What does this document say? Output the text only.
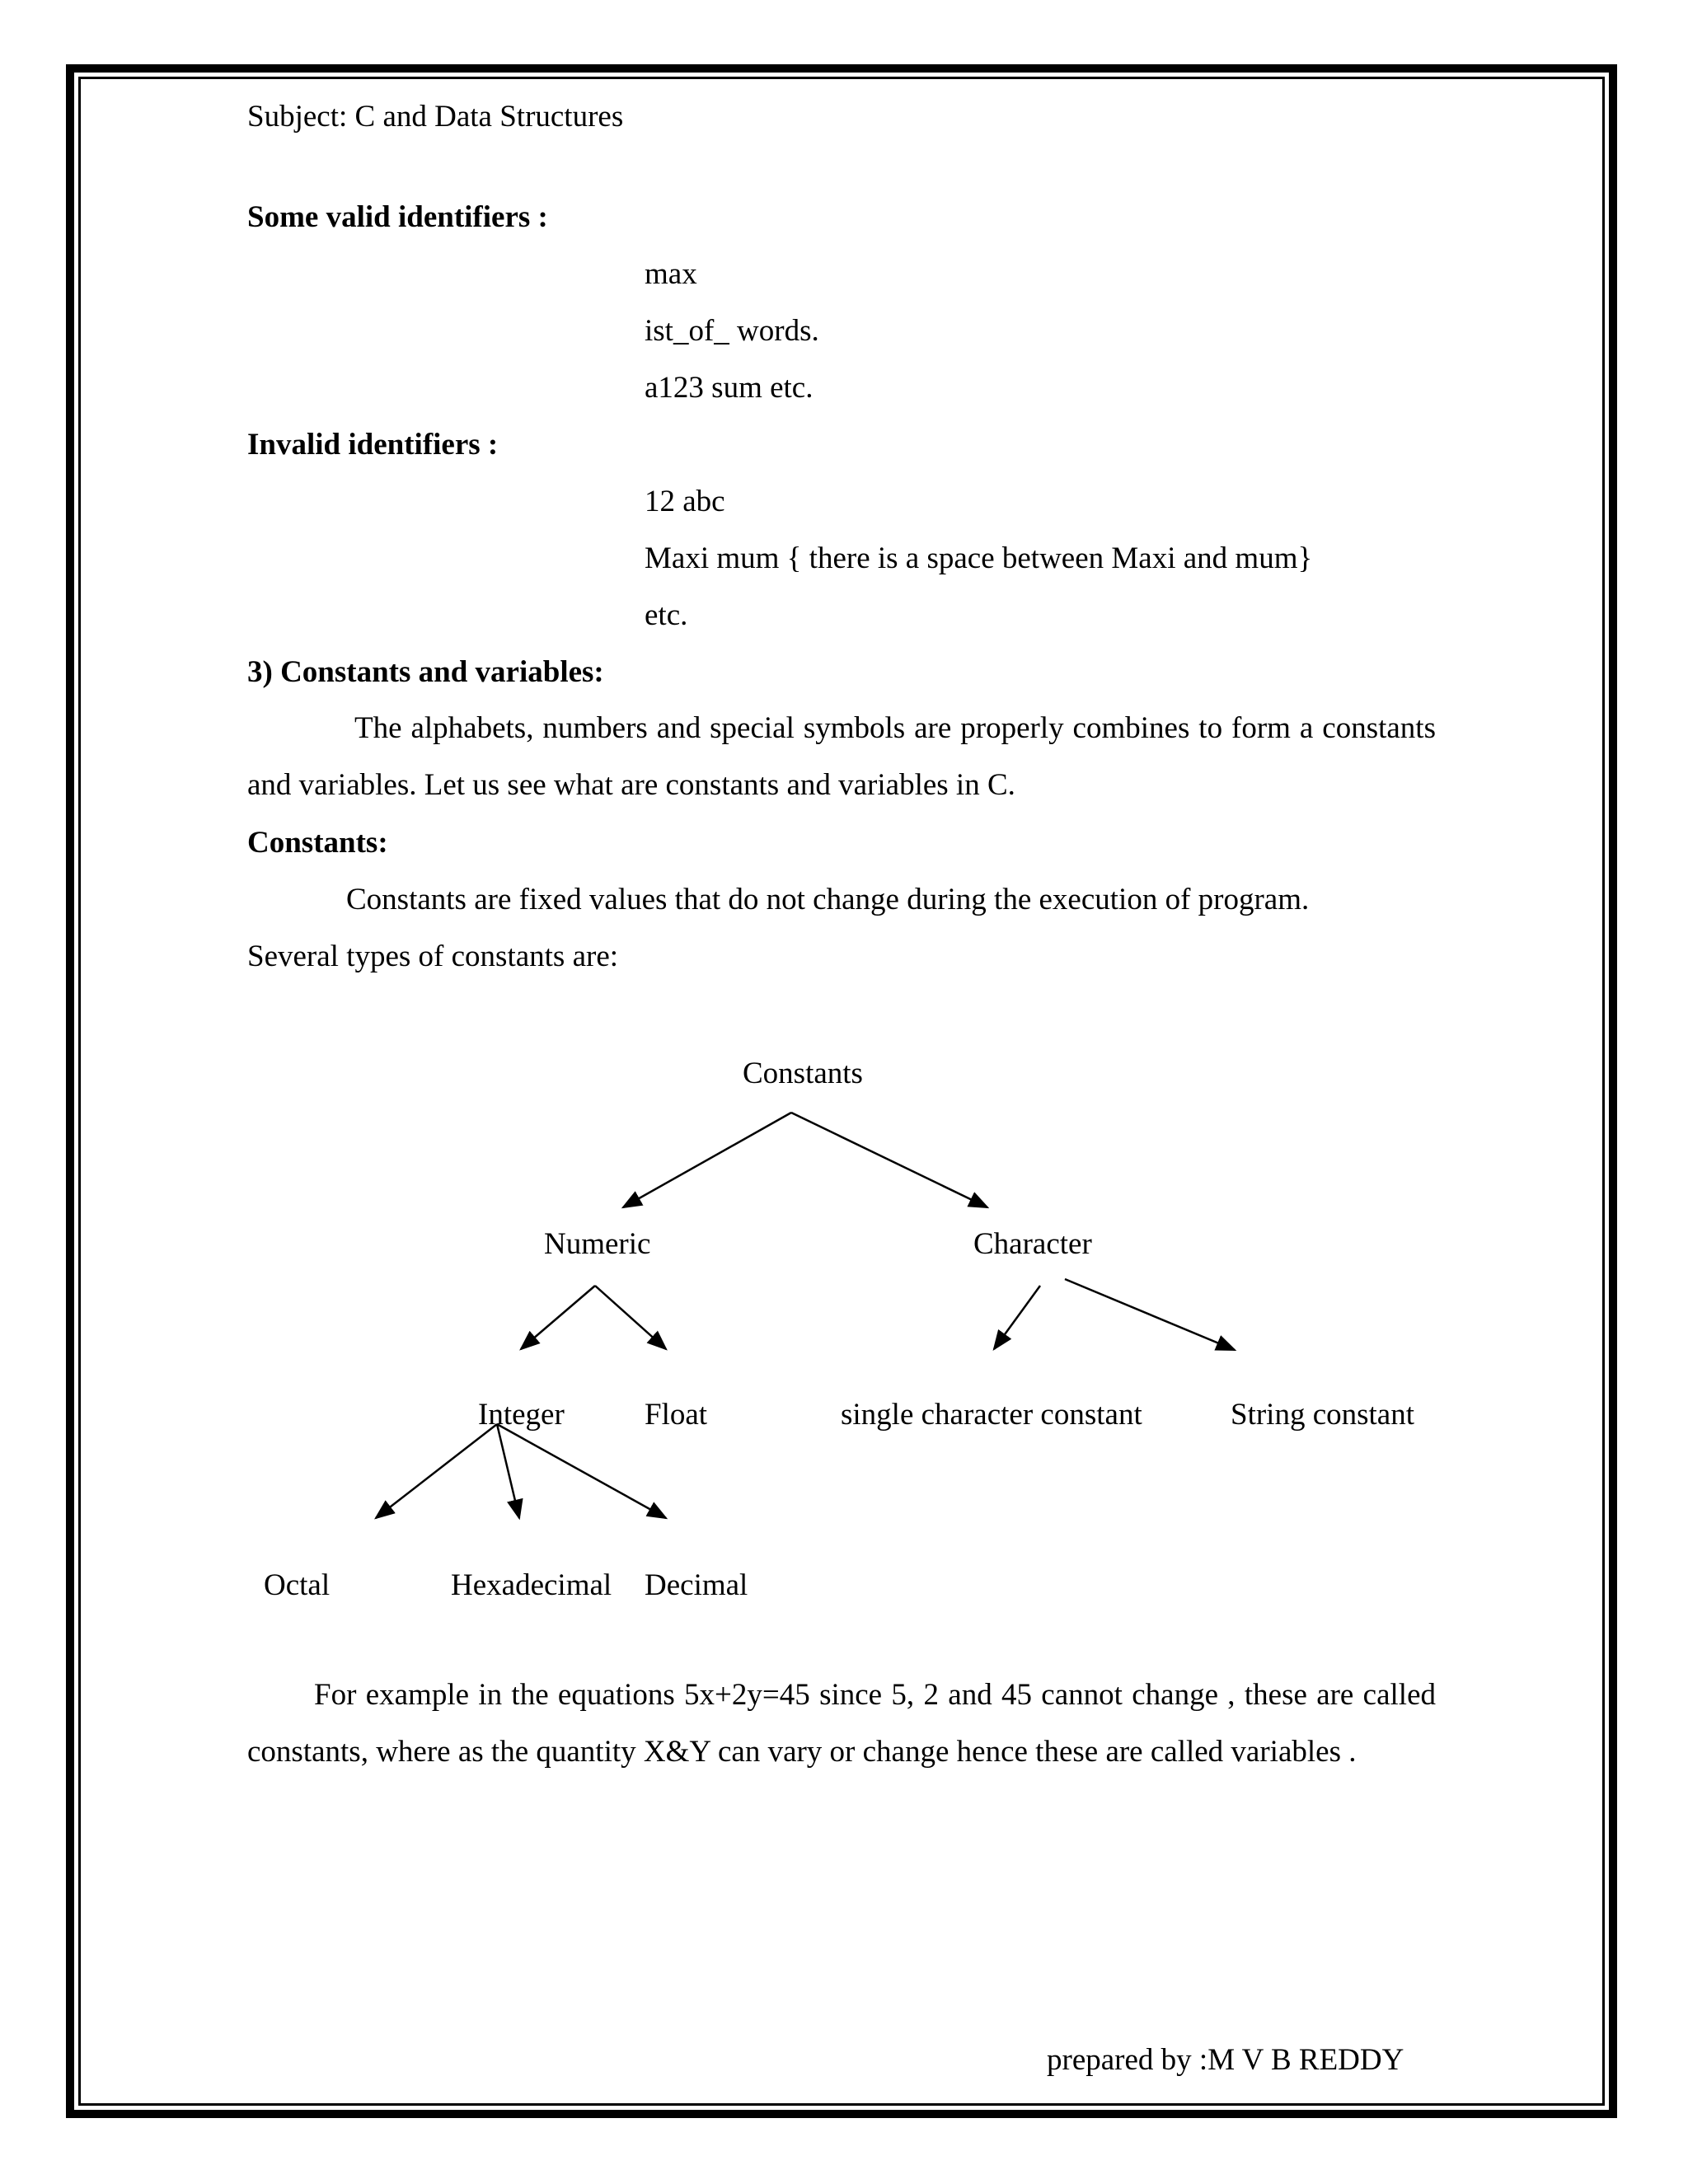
Subject: C and Data Structures
Some valid identifiers :
max
ist_of_ words.
a123 sum etc.
Invalid identifiers :
12 abc
Maxi mum { there is a space between Maxi and mum}
etc.
3) Constants and variables:
The alphabets, numbers and special symbols are properly combines to form a constants and variables. Let us see what are constants and variables in C.
Constants:
Constants are fixed values that do not change during the execution of program.
Several types of constants are:
Constants
Numeric	Character
Integer	Float	single character constant	String constant
Octal	Hexadecimal Decimal
For example in the equations 5x+2y=45 since 5, 2 and 45 cannot change , these are called constants, where as the quantity X&Y can vary or change hence these are called variables .
prepared by :M V B REDDY
